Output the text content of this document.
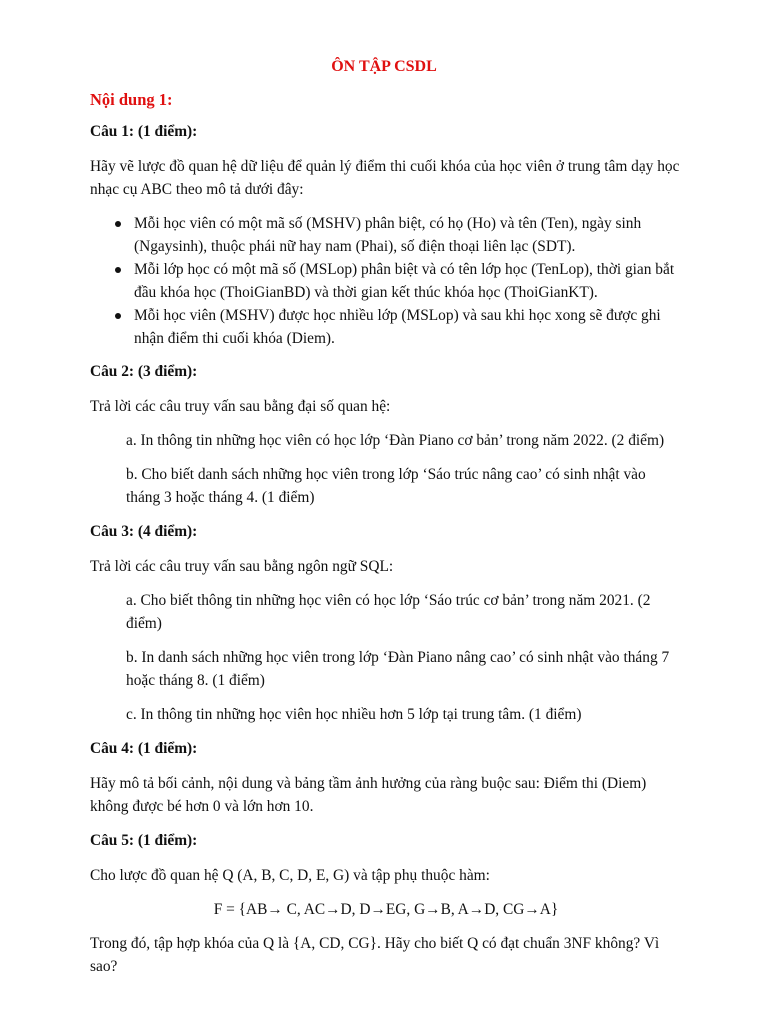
ÔN TẬP CSDL
Nội dung 1:
Câu 1: (1 điểm):
Hãy vẽ lược đồ quan hệ dữ liệu để quản lý điểm thi cuối khóa của học viên ở trung tâm dạy học nhạc cụ ABC theo mô tả dưới đây:
Mỗi học viên có một mã số (MSHV) phân biệt, có họ (Ho) và tên (Ten), ngày sinh (Ngaysinh), thuộc phái nữ hay nam (Phai), số điện thoại liên lạc (SDT).
Mỗi lớp học có một mã số (MSLop) phân biệt và có tên lớp học (TenLop), thời gian bắt đầu khóa học (ThoiGianBD) và thời gian kết thúc khóa học (ThoiGianKT).
Mỗi học viên (MSHV) được học nhiều lớp (MSLop) và sau khi học xong sẽ được ghi nhận điểm thi cuối khóa (Diem).
Câu 2: (3 điểm):
Trả lời các câu truy vấn sau bằng đại số quan hệ:
a. In thông tin những học viên có học lớp ‘Đàn Piano cơ bản’ trong năm 2022. (2 điểm)
b. Cho biết danh sách những học viên trong lớp ‘Sáo trúc nâng cao’ có sinh nhật vào tháng 3 hoặc tháng 4. (1 điểm)
Câu 3: (4 điểm):
Trả lời các câu truy vấn sau bằng ngôn ngữ SQL:
a. Cho biết thông tin những học viên có học lớp ‘Sáo trúc cơ bản’ trong năm 2021. (2 điểm)
b. In danh sách những học viên trong lớp ‘Đàn Piano nâng cao’ có sinh nhật vào tháng 7 hoặc tháng 8. (1 điểm)
c. In thông tin những học viên học nhiều hơn 5 lớp tại trung tâm. (1 điểm)
Câu 4: (1 điểm):
Hãy mô tả bối cảnh, nội dung và bảng tầm ảnh hưởng của ràng buộc sau: Điểm thi (Diem) không được bé hơn 0 và lớn hơn 10.
Câu 5: (1 điểm):
Cho lược đồ quan hệ Q (A, B, C, D, E, G) và tập phụ thuộc hàm:
F = {AB→ C, AC→D, D→EG, G→B, A→D, CG→A}
Trong đó, tập hợp khóa của Q là {A, CD, CG}. Hãy cho biết Q có đạt chuẩn 3NF không? Vì sao?
